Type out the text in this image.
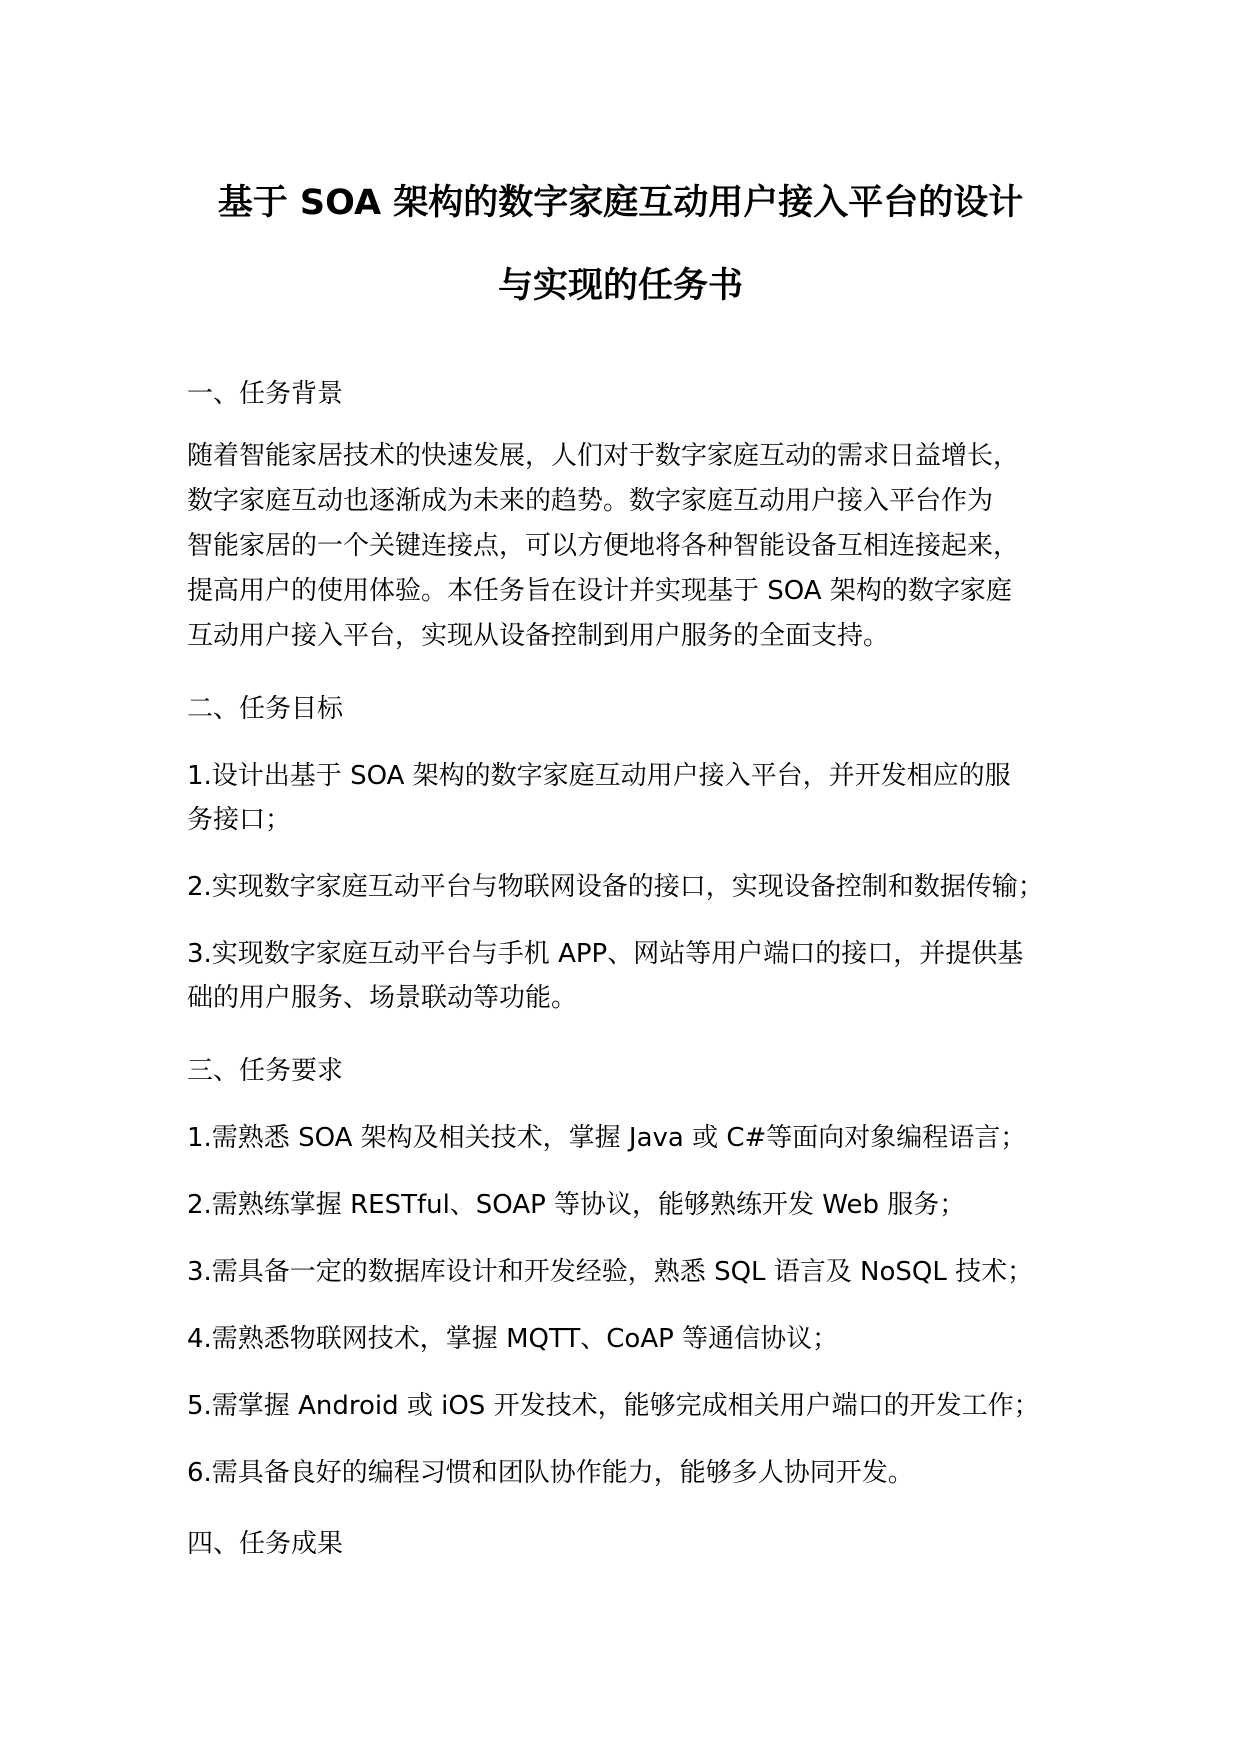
基于 SOA 架构的数字家庭互动用户接入平台的设计
与实现的任务书
一、任务背景
随着智能家居技术的快速发展，人们对于数字家庭互动的需求日益增长，
数字家庭互动也逐渐成为未来的趋势。数字家庭互动用户接入平台作为
智能家居的一个关键连接点，可以方便地将各种智能设备互相连接起来，
提高用户的使用体验。本任务旨在设计并实现基于 SOA 架构的数字家庭
互动用户接入平台，实现从设备控制到用户服务的全面支持。
二、任务目标
1.设计出基于 SOA 架构的数字家庭互动用户接入平台，并开发相应的服
务接口；
2.实现数字家庭互动平台与物联网设备的接口，实现设备控制和数据传输；
3.实现数字家庭互动平台与手机 APP、网站等用户端口的接口，并提供基
础的用户服务、场景联动等功能。
三、任务要求
1.需熟悉 SOA 架构及相关技术，掌握 Java 或 C#等面向对象编程语言；
2.需熟练掌握 RESTful、SOAP 等协议，能够熟练开发 Web 服务；
3.需具备一定的数据库设计和开发经验，熟悉 SQL 语言及 NoSQL 技术；
4.需熟悉物联网技术，掌握 MQTT、CoAP 等通信协议；
5.需掌握 Android 或 iOS 开发技术，能够完成相关用户端口的开发工作；
6.需具备良好的编程习惯和团队协作能力，能够多人协同开发。
四、任务成果
